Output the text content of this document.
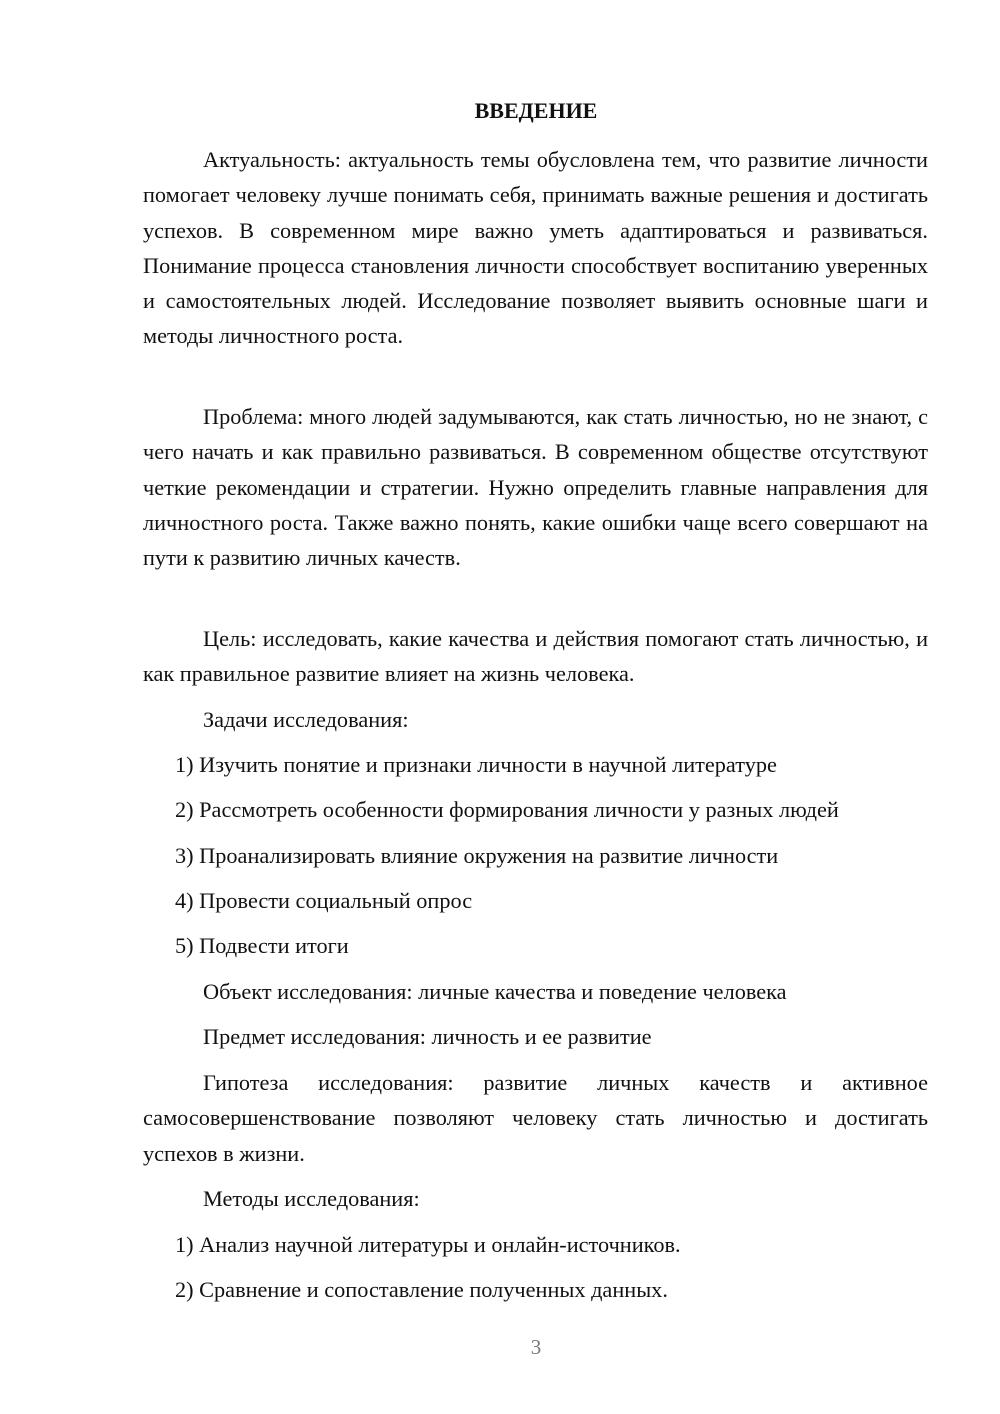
ВВЕДЕНИЕ

Актуальность: актуальность темы обусловлена тем, что развитие личности помогает человеку лучше понимать себя, принимать важные решения и достигать успехов. В современном мире важно уметь адаптироваться и развиваться. Понимание процесса становления личности способствует воспитанию уверенных и самостоятельных людей. Исследование позволяет выявить основные шаги и методы личностного роста.

Проблема: много людей задумываются, как стать личностью, но не знают, с чего начать и как правильно развиваться. В современном обществе отсутствуют четкие рекомендации и стратегии. Нужно определить главные направления для личностного роста. Также важно понять, какие ошибки чаще всего совершают на пути к развитию личных качеств.

Цель: исследовать, какие качества и действия помогают стать личностью, и как правильное развитие влияет на жизнь человека.

Задачи исследования:

1) Изучить понятие и признаки личности в научной литературе

2) Рассмотреть особенности формирования личности у разных людей

3) Проанализировать влияние окружения на развитие личности

4) Провести социальный опрос

5) Подвести итоги

Объект исследования: личные качества и поведение человека

Предмет исследования: личность и ее развитие

Гипотеза исследования: развитие личных качеств и активное самосовершенствование позволяют человеку стать личностью и достигать успехов в жизни.

Методы исследования:

1) Анализ научной литературы и онлайн-источников.

2) Сравнение и сопоставление полученных данных.

3
